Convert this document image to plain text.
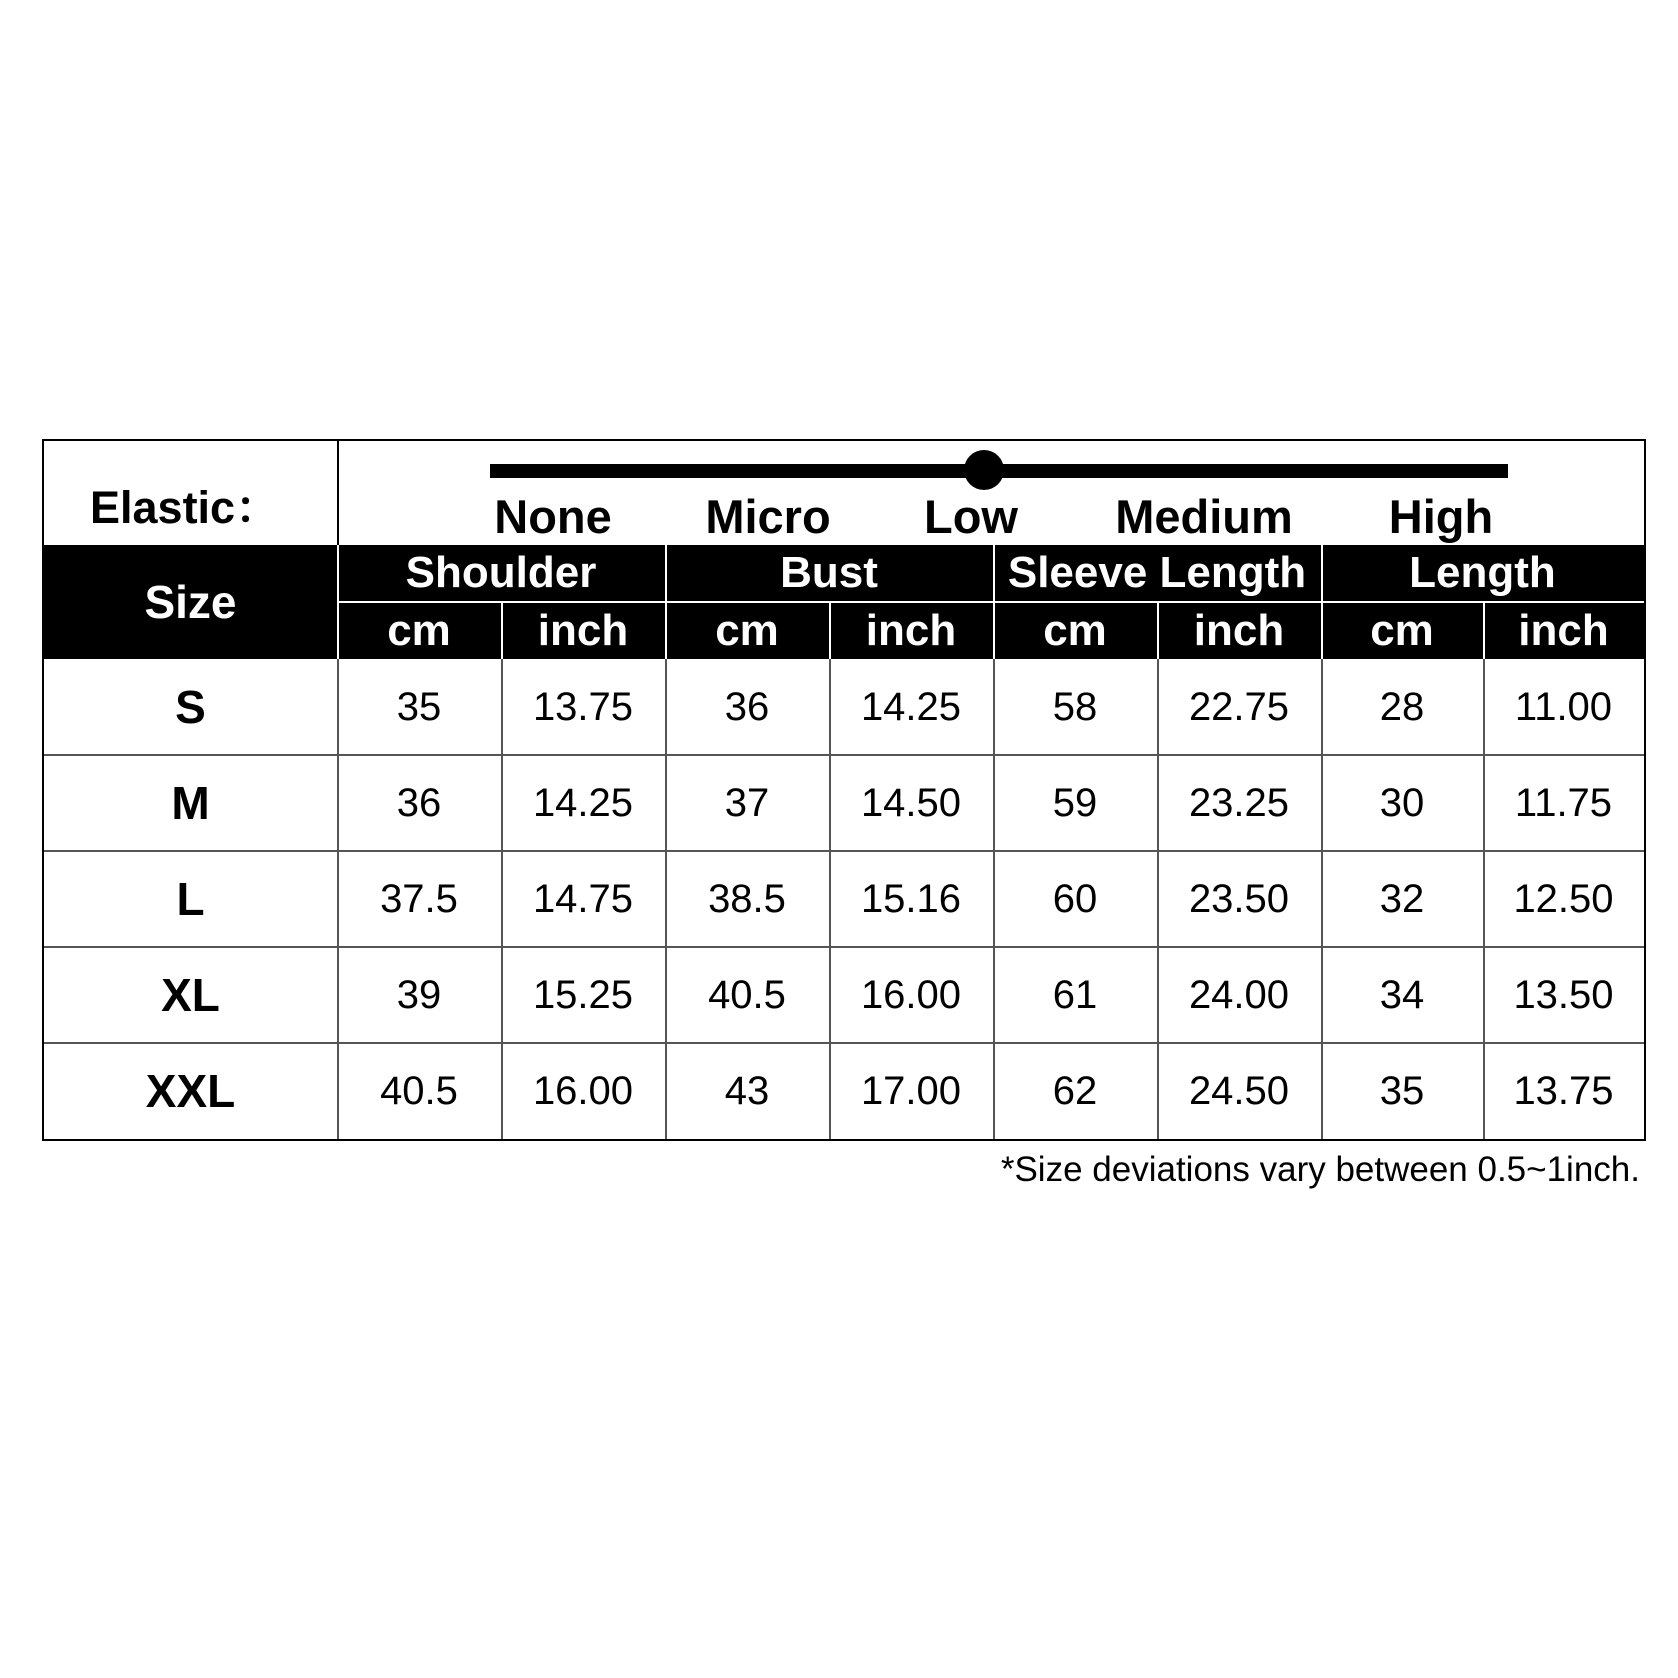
Elastic：	None Micro Low Medium High
Size
Shoulder	Bust	Sleeve Length	Length
cm	inch	cm	inch	cm	inch	cm	inch
S	35	13.75	36	14.25	58	22.75	28	11.00
M	36	14.25	37	14.50	59	23.25	30	11.75
L	37.5	14.75	38.5	15.16	60	23.50	32	12.50
XL	39	15.25	40.5	16.00	61	24.00	34	13.50
XXL	40.5	16.00	43	17.00	62	24.50	35	13.75
*Size deviations vary between 0.5~1inch.
